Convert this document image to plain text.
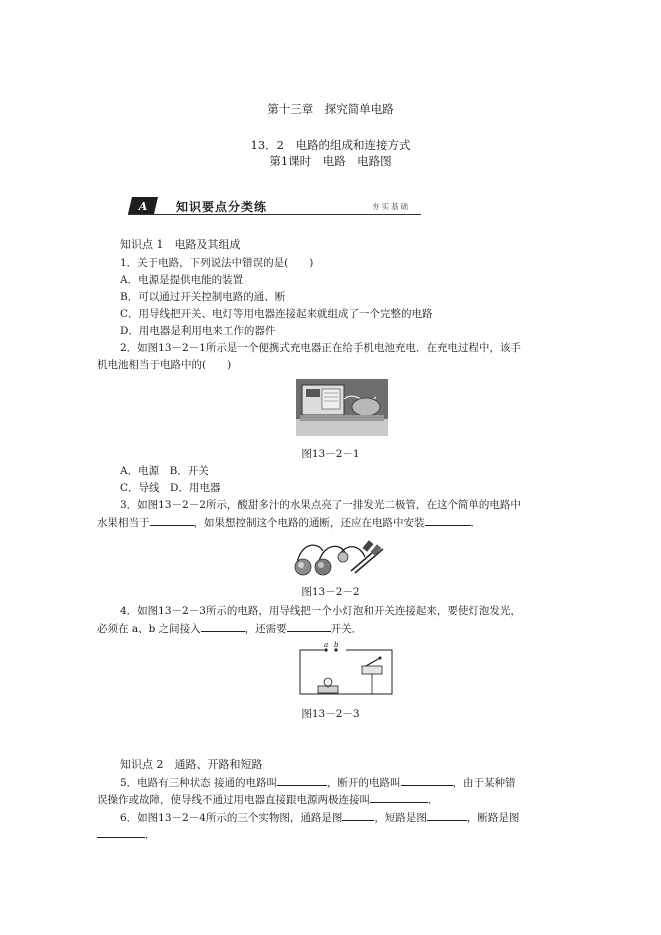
第十三章　探究简单电路
13．2　电路的组成和连接方式
第1课时　电路　电路图
A 知识要点分类练	夯实基础
知识点 1　电路及其组成
1．关于电路，下列说法中错误的是(　　)
A．电源是提供电能的装置
B．可以通过开关控制电路的通、断
C．用导线把开关、电灯等用电器连接起来就组成了一个完整的电路
D．用电器是利用电来工作的器件
2．如图13－2－1所示是一个便携式充电器正在给手机电池充电．在充电过程中，该手
机电池相当于电路中的(　　)
图13－2－1
A．电源　B．开关
C．导线　D．用电器
3．如图13－2－2所示，酸甜多汁的水果点亮了一排发光二极管，在这个简单的电路中
水果相当于	，如果想控制这个电路的通断，还应在电路中安装	．
图13－2－2
4．如图13－2－3所示的电路，用导线把一个小灯泡和开关连接起来，要使灯泡发光，
必须在 a、b 之间接入	，还需要	开关．
a b
图13－2－3
知识点 2　通路、开路和短路
5．电路有三种状态 接通的电路叫	，断开的电路叫	，由于某种错
误操作或故障，使导线不通过用电器直接跟电源两极连接叫	．
6．如图13－2－4所示的三个实物图，通路是图	，短路是图	，断路是图
．
